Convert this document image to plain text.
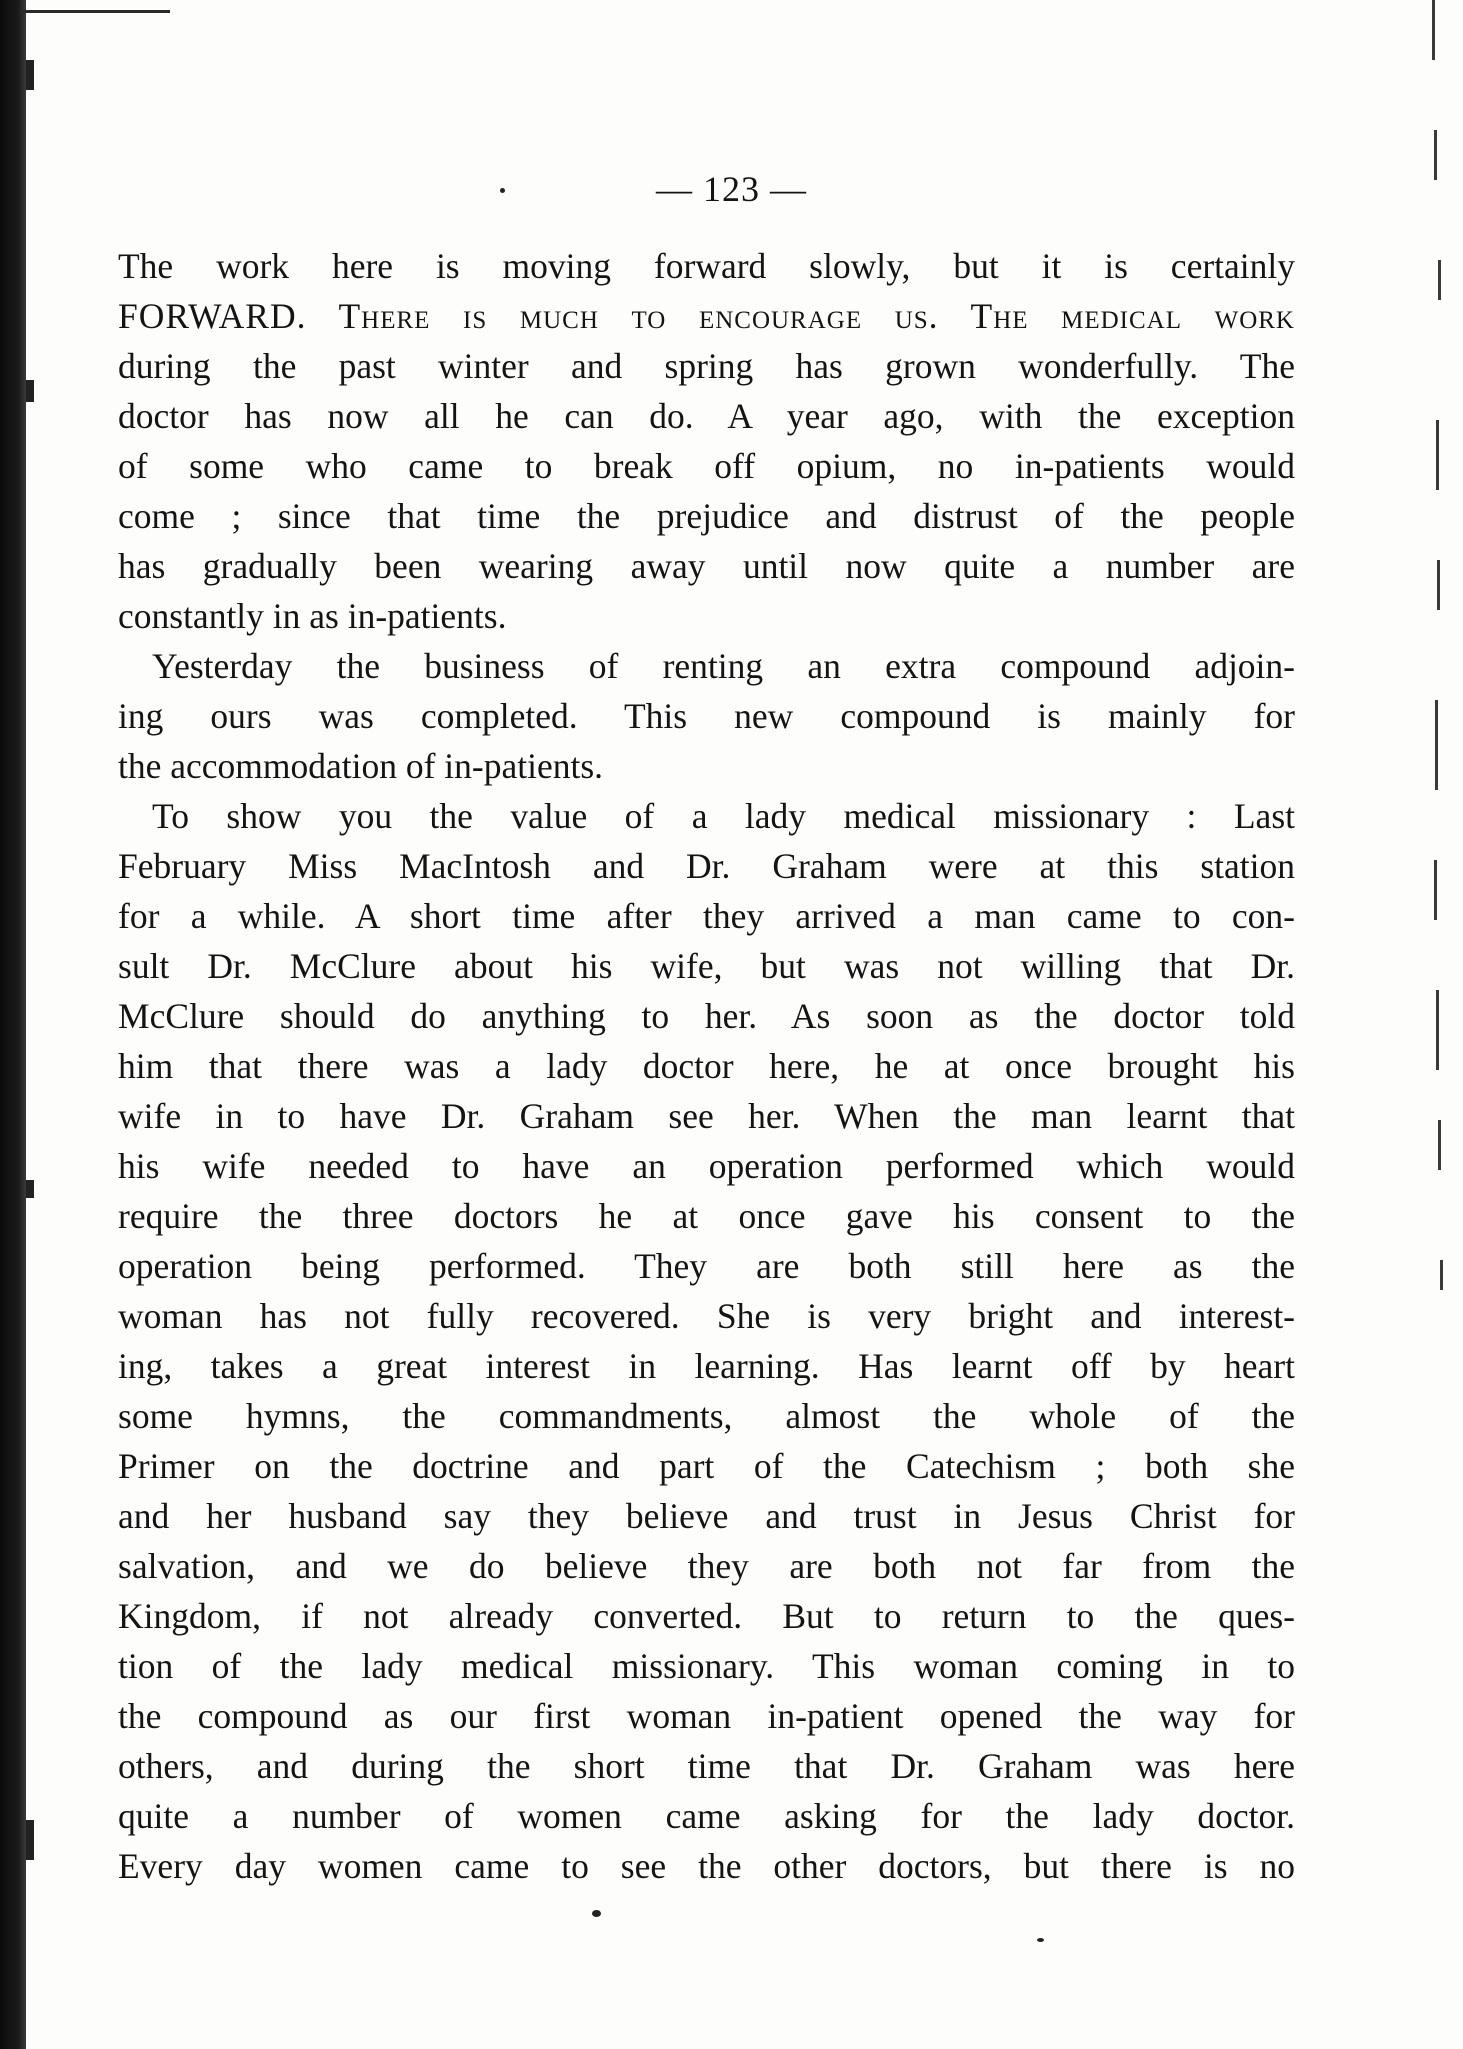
— 123 —
The work here is moving forward slowly, but it is certainly
FORWARD. There is much to encourage us. The medical work
during the past winter and spring has grown wonderfully. The
doctor has now all he can do. A year ago, with the exception
of some who came to break off opium, no in-patients would
come ; since that time the prejudice and distrust of the people
has gradually been wearing away until now quite a number are
constantly in as in-patients.
Yesterday the business of renting an extra compound adjoin-
ing ours was completed. This new compound is mainly for
the accommodation of in-patients.
To show you the value of a lady medical missionary : Last
February Miss MacIntosh and Dr. Graham were at this station
for a while. A short time after they arrived a man came to con-
sult Dr. McClure about his wife, but was not willing that Dr.
McClure should do anything to her. As soon as the doctor told
him that there was a lady doctor here, he at once brought his
wife in to have Dr. Graham see her. When the man learnt that
his wife needed to have an operation performed which would
require the three doctors he at once gave his consent to the
operation being performed. They are both still here as the
woman has not fully recovered. She is very bright and interest-
ing, takes a great interest in learning. Has learnt off by heart
some hymns, the commandments, almost the whole of the
Primer on the doctrine and part of the Catechism ; both she
and her husband say they believe and trust in Jesus Christ for
salvation, and we do believe they are both not far from the
Kingdom, if not already converted. But to return to the ques-
tion of the lady medical missionary. This woman coming in to
the compound as our first woman in-patient opened the way for
others, and during the short time that Dr. Graham was here
quite a number of women came asking for the lady doctor.
Every day women came to see the other doctors, but there is no
